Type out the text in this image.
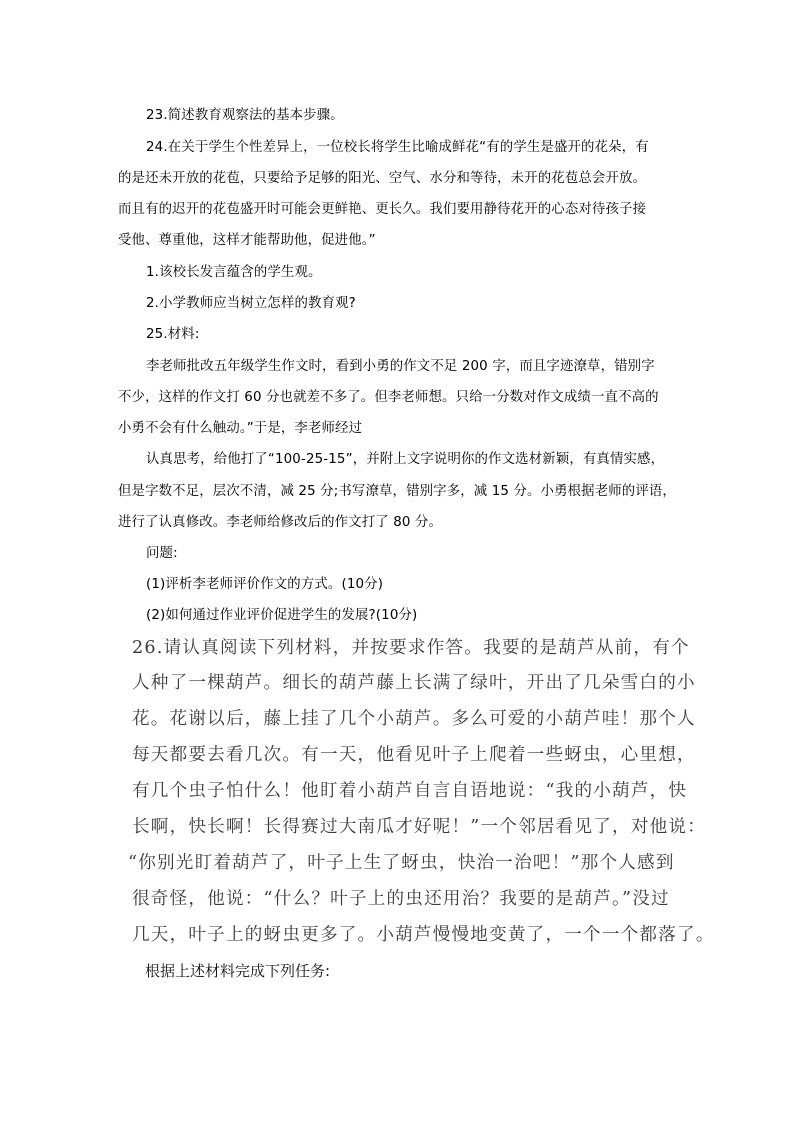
23.简述教育观察法的基本步骤。
24.在关于学生个性差异上，一位校长将学生比喻成鲜花“有的学生是盛开的花朵，有
的是还未开放的花苞，只要给予足够的阳光、空气、水分和等待，未开的花苞总会开放。
而且有的迟开的花苞盛开时可能会更鲜艳、更长久。我们要用静待花开的心态对待孩子接
受他、尊重他，这样才能帮助他，促进他。”
1.该校长发言蕴含的学生观。
2.小学教师应当树立怎样的教育观?
25.材料:
李老师批改五年级学生作文时，看到小勇的作文不足 200 字，而且字迹潦草，错别字
不少，这样的作文打 60 分也就差不多了。但李老师想。只给一分数对作文成绩一直不高的
小勇不会有什么触动。”于是，李老师经过
认真思考，给他打了“100-25-15”，并附上文字说明你的作文选材新颖，有真情实感，
但是字数不足，层次不清，减 25 分;书写潦草，错别字多，减 15 分。小勇根据老师的评语，
进行了认真修改。李老师给修改后的作文打了 80 分。
问题:
(1)评析李老师评价作文的方式。(10分)
(2)如何通过作业评价促进学生的发展?(10分)
26.请认真阅读下列材料，并按要求作答。我要的是葫芦从前，有个
人种了一棵葫芦。细长的葫芦藤上长满了绿叶，开出了几朵雪白的小
花。花谢以后，藤上挂了几个小葫芦。多么可爱的小葫芦哇！那个人
每天都要去看几次。有一天，他看见叶子上爬着一些蚜虫，心里想，
有几个虫子怕什么！他盯着小葫芦自言自语地说：“我的小葫芦，快
长啊，快长啊！长得赛过大南瓜才好呢！”一个邻居看见了，对他说：
“你别光盯着葫芦了，叶子上生了蚜虫，快治一治吧！”那个人感到
很奇怪，他说：“什么？叶子上的虫还用治？我要的是葫芦。”没过
几天，叶子上的蚜虫更多了。小葫芦慢慢地变黄了，一个一个都落了。
根据上述材料完成下列任务:
